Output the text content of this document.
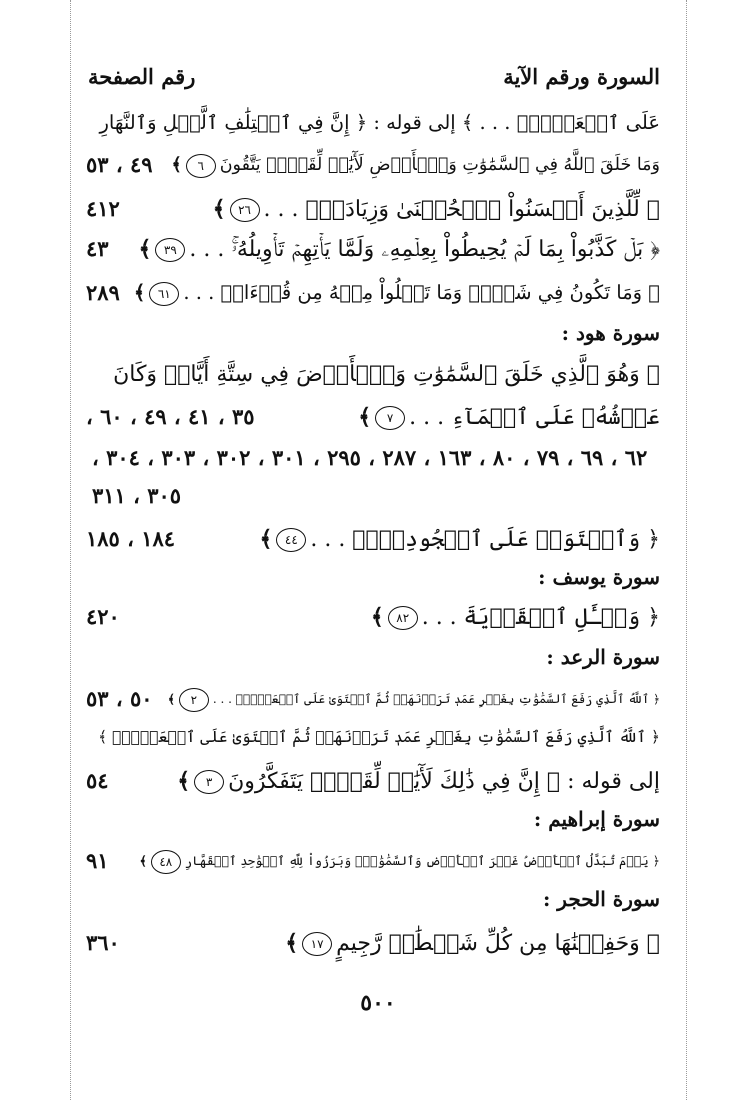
السورة ورقم الآية
رقم الصفحة
عَلَى ٱلۡعَرۡشِۖ . . . ﴾ إلى قوله : ﴿ إِنَّ فِي ٱخۡتِلَٰفِ ٱلَّيۡلِ وَٱلنَّهَارِ
وَمَا خَلَقَ ٱللَّهُ فِي ٱلسَّمَٰوَٰتِ وَٱلۡأَرۡضِ لَأٓيَٰتٖ لِّقَوۡمٖ يَتَّقُونَ٦﴾
٤٩ ، ٥٣
﴿ لِّلَّذِينَ أَحۡسَنُواْ ٱلۡحُسۡنَىٰ وَزِيَادَةٞۖ . . .٢٦﴾
٤١٢
﴿ بَلۡ كَذَّبُواْ بِمَا لَمۡ يُحِيطُواْ بِعِلۡمِهِۦ وَلَمَّا يَأۡتِهِمۡ تَأۡوِيلُهُۥۚ . . .٣٩﴾
٤٣
﴿ وَمَا تَكُونُ فِي شَأۡنٖ وَمَا تَتۡلُواْ مِنۡهُ مِن قُرۡءَانٖ . . .٦١﴾
٢٨٩
سورة هود :
﴿ وَهُوَ ٱلَّذِي خَلَقَ ٱلسَّمَٰوَٰتِ وَٱلۡأَرۡضَ فِي سِتَّةِ أَيَّامٖ وَكَانَ
عَرۡشُهُۥ عَلَى ٱلۡمَآءِ . . .٧﴾
٣٥ ، ٤١ ، ٤٩ ، ٦٠ ،
٦٢ ، ٦٩ ، ٧٩ ، ٨٠ ، ١٦٣ ، ٢٨٧ ، ٢٩٥ ، ٣٠١ ، ٣٠٢ ، ٣٠٣ ، ٣٠٤ ،
٣٠٥ ، ٣١١
﴿ وَٱسۡتَوَتۡ عَلَى ٱلۡجُودِيِّۖ . . .٤٤﴾
١٨٤ ، ١٨٥
سورة يوسف :
﴿ وَسۡـَٔلِ ٱلۡقَرۡيَةَ . . .٨٢﴾
٤٢٠
سورة الرعد :
﴿ ٱللَّهُ ٱلَّذِي رَفَعَ ٱلسَّمَٰوَٰتِ بِغَيۡرِ عَمَدٖ تَرَوۡنَهَاۖ ثُمَّ ٱسۡتَوَىٰ عَلَى ٱلۡعَرۡشِۖ . . .٢﴾
٥٠ ، ٥٣
﴿ ٱللَّهُ ٱلَّذِي رَفَعَ ٱلسَّمَٰوَٰتِ بِغَيۡرِ عَمَدٖ تَرَوۡنَهَاۖ ثُمَّ ٱسۡتَوَىٰ عَلَى ٱلۡعَرۡشِۖ ﴾
إلى قوله : ﴿ إِنَّ فِي ذَٰلِكَ لَأٓيَٰتٖ لِّقَوۡمٖ يَتَفَكَّرُونَ٣﴾
٥٤
سورة إبراهيم :
﴿ يَوۡمَ تُبَدَّلُ ٱلۡأَرۡضُ غَيۡرَ ٱلۡأَرۡضِ وَٱلسَّمَٰوَٰتُۖ وَبَرَزُواْ لِلَّهِ ٱلۡوَٰحِدِ ٱلۡقَهَّارِ٤٨﴾
٩١
سورة الحجر :
﴿ وَحَفِظۡنَٰهَا مِن كُلِّ شَيۡطَٰنٖ رَّجِيمٍ١٧﴾
٣٦٠
٥٠٠
